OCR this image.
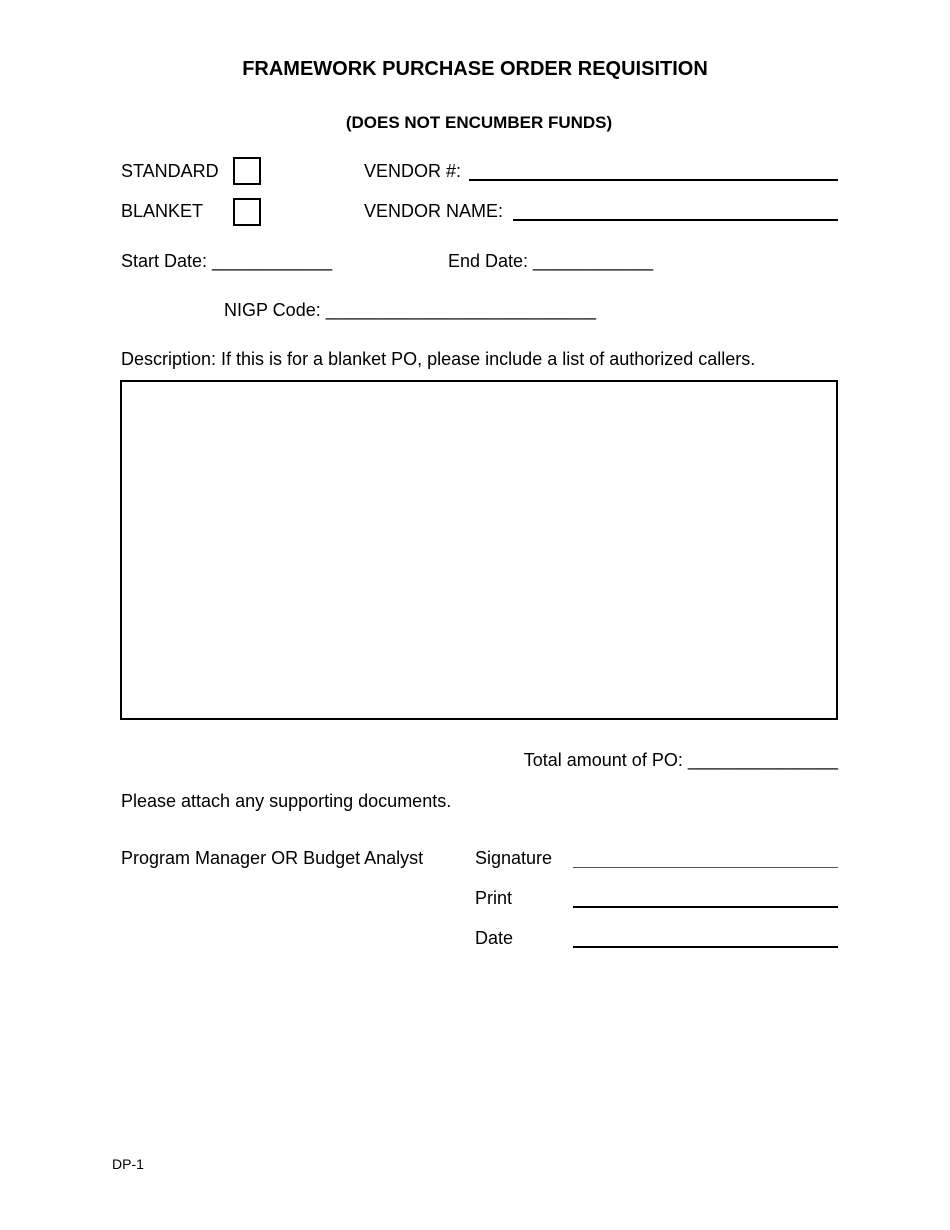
FRAMEWORK PURCHASE ORDER REQUISITION
(DOES NOT ENCUMBER FUNDS)
STANDARD	VENDOR #:
BLANKET	VENDOR NAME:
Start Date: ____________	End Date: ____________
NIGP Code: ___________________________
Description: If this is for a blanket PO, please include a list of authorized callers.
Total amount of PO: _______________
Please attach any supporting documents.
Program Manager OR Budget Analyst	Signature
Print
Date
DP-1
